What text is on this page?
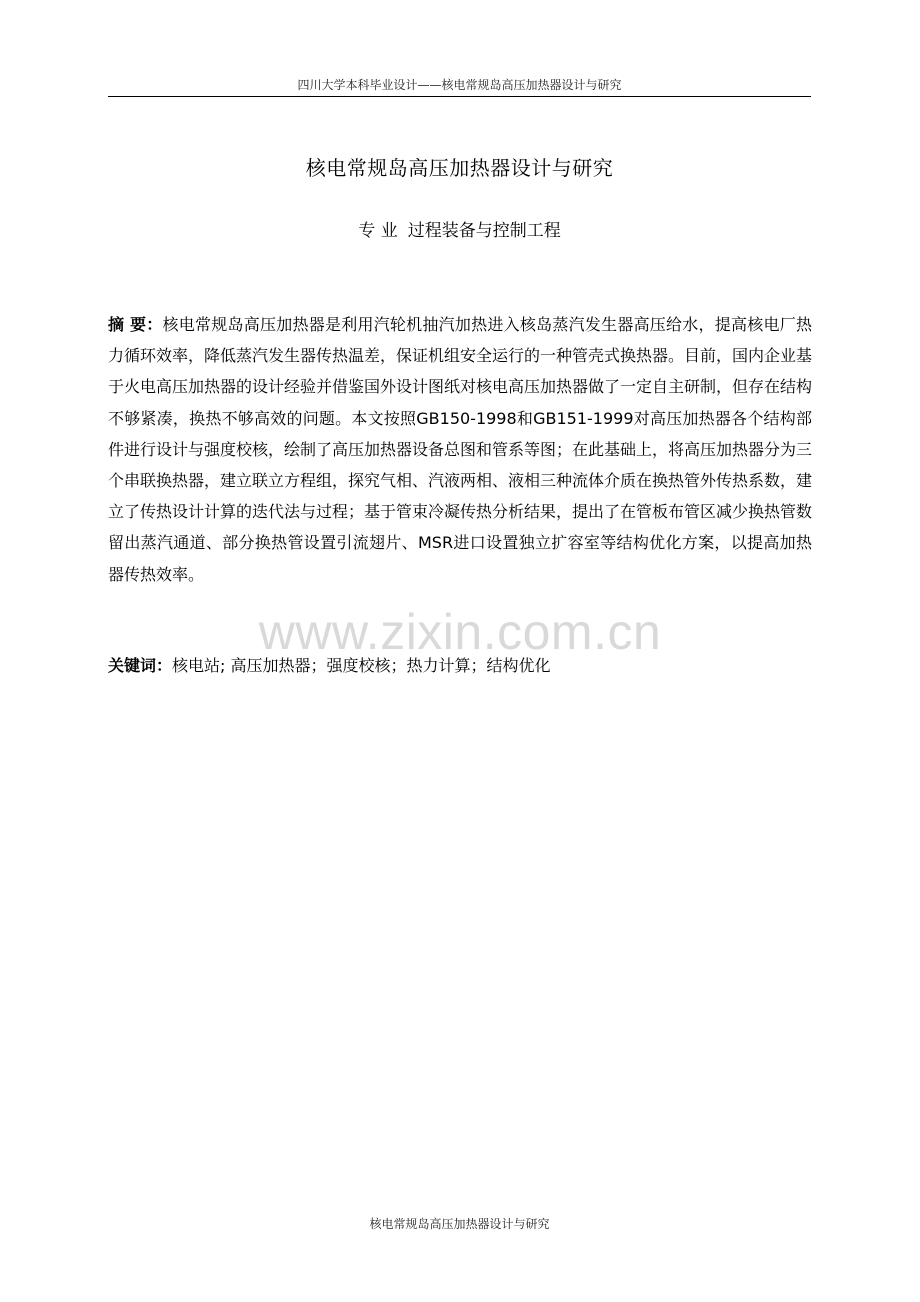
四川大学本科毕业设计——核电常规岛高压加热器设计与研究
核电常规岛高压加热器设计与研究
专 业 过程装备与控制工程
摘 要：核电常规岛高压加热器是利用汽轮机抽汽加热进入核岛蒸汽发生器高压给水，提高核电厂热力循环效率，降低蒸汽发生器传热温差，保证机组安全运行的一种管壳式换热器。目前，国内企业基于火电高压加热器的设计经验并借鉴国外设计图纸对核电高压加热器做了一定自主研制，但存在结构不够紧凑，换热不够高效的问题。本文按照GB150-1998和GB151-1999对高压加热器各个结构部件进行设计与强度校核，绘制了高压加热器设备总图和管系等图；在此基础上，将高压加热器分为三个串联换热器，建立联立方程组，探究气相、汽液两相、液相三种流体介质在换热管外传热系数，建立了传热设计计算的迭代法与过程；基于管束冷凝传热分析结果，提出了在管板布管区减少换热管数留出蒸汽通道、部分换热管设置引流翅片、MSR进口设置独立扩容室等结构优化方案，以提高加热器传热效率。
www.zixin.com.cn
关键词：核电站; 高压加热器；强度校核；热力计算；结构优化
核电常规岛高压加热器设计与研究
